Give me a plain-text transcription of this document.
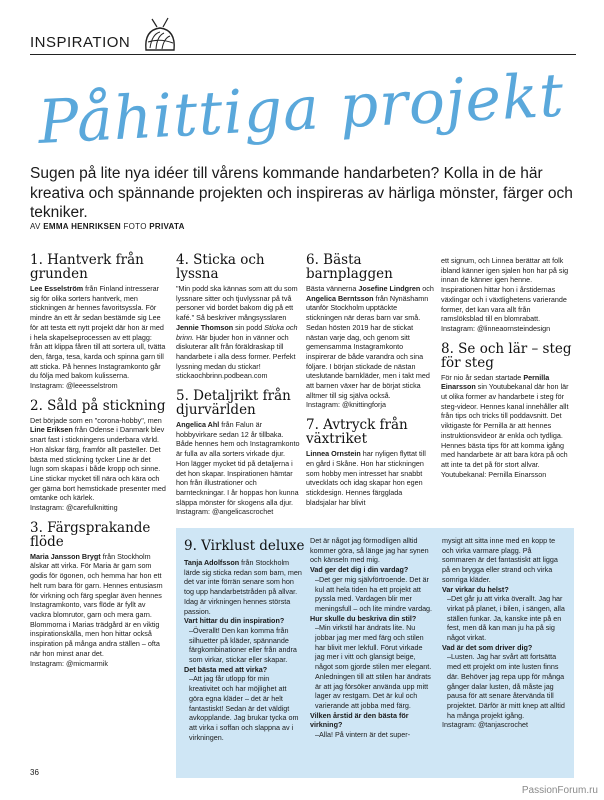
INSPIRATION
Påhittiga projekt
Sugen på lite nya idéer till vårens kommande handarbeten? Kolla in de här kreativa och spännande projekten och inspireras av härliga mönster, färger och tekniker.
AV EMMA HENRIKSEN FOTO PRIVATA
1. Hantverk från grunden

Lee Esselström från Finland intresserar sig för olika sorters hantverk, men stickningen är hennes favoritsyssla. För mindre än ett år sedan bestämde sig Lee för att testa ett nytt projekt där hon är med i hela skapelseprocessen av ett plagg: från att klippa fåren till att sortera ull, tvätta den, färga, tesa, karda och spinna garn till att sticka. På hennes Instagramkonto går du följa med bakom kulisserna.

Instagram: @leeesselstrom

2. Såld på stickning

Det började som en "corona-hobby", men Line Eriksen från Odense i Danmark blev snart fast i stickningens underbara värld. Hon älskar färg, framför allt pasteller. Det bästa med stickning tycker Line är det lugn som skapas i både kropp och sinne. Line stickar mycket till nära och kära och ger gärna bort hemstickade presenter med omtanke och kärlek.

Instagram: @carefulknitting

3. Färgsprakande flöde

Maria Jansson Brygt från Stockholm älskar att virka. För Maria är garn som godis för ögonen, och hemma har hon ett helt rum bara för garn. Hennes entusiasm för virkning och färg speglar även hennes Instagramkonto, vars flöde är fyllt av vackra blomrutor, garn och mera garn. Blommorna i Marias trädgård är en viktig inspirationskälla, men hon hittar också inspiration på många andra ställen – ofta när hon minst anar det.

Instagram: @micmarmik

4. Sticka och lyssna

"Min podd ska kännas som att du som lyssnare sitter och tjuvlyssnar på två personer vid bordet bakom dig på ett kafé." Så beskriver mångsysslaren Jennie Thomson sin podd Sticka och brinn. Här bjuder hon in vänner och diskuterar allt från föräldraskap till handarbete i alla dess former. Perfekt lyssning medan du stickar!

stickaochbrinn.podbean.com

5. Detaljrikt från djurvärlden

Angelica Ahl från Falun är hobbyvirkare sedan 12 år tillbaka. Både hennes hem och Instagramkonto är fulla av alla sorters virkade djur. Hon lägger mycket tid på detaljerna i det hon skapar. Inspirationen hämtar hon från illustrationer och barnteckningar. I år hoppas hon kunna släppa mönster för skogens alla djur.

Instagram: @angelicascrochet

6. Bästa barnplaggen

Bästa vännerna Josefine Lindgren och Angelica Berntsson från Nynäshamn utanför Stockholm upptäckte stickningen när deras barn var små. Sedan hösten 2019 har de stickat nästan varje dag, och genom sitt gemensamma Instagramkonto inspirerar de både varandra och sina följare. I början stickade de nästan uteslutande barnkläder, men i takt med att barnen växer har de börjat sticka alltmer till sig själva också.

Instagram: @knittingforja

7. Avtryck från växtriket

Linnea Ornstein har nyligen flyttat till en gård i Skåne. Hon har stickningen som hobby men intresset har snabbt utvecklats och idag skapar hon egen stickdesign. Hennes färgglada bladsjalar har blivit

ett signum, och Linnea berättar att folk ibland känner igen sjalen hon har på sig innan de känner igen henne. Inspirationen hittar hon i årstidernas växlingar och i växtlighetens varierande former, det kan vara allt från ramslöksblad till en blomrabatt.

Instagram: @linneaornsteindesign

8. Se och lär – steg för steg

För nio år sedan startade Pernilla Einarsson sin Youtubekanal där hon lär ut olika former av handarbete i steg för steg-videor. Hennes kanal innehåller allt från tips och tricks till poddavsnitt. Det viktigaste för Pernilla är att hennes instruktionsvideor är enkla och tydliga. Hennes bästa tips för att komma igång med handarbete är att bara köra på och att inte ta det på för stort allvar.

Youtubekanal: Pernilla Einarsson

9. Virklust deluxe

Tanja Adolfsson från Stockholm lärde sig sticka redan som barn, men det var inte förrän senare som hon tog upp handarbetstråden på allvar. Idag är virkningen hennes största passion.

Vart hittar du din inspiration?

–Överallt! Den kan komma från silhuetter på kläder, spännande färgkombinationer eller från andra som virkar, stickar eller skapar.

Det bästa med att virka?

–Att jag får utlopp för min kreativitet och har möjlighet att göra egna kläder – det är helt fantastiskt! Sedan är det väldigt avkopplande. Jag brukar tycka om att virka i soffan och slappna av i virkningen.

Det är något jag förmodligen alltid kommer göra, så länge jag har synen och känseln med mig.

Vad ger det dig i din vardag?

–Det ger mig självförtroende. Det är kul att hela tiden ha ett projekt att pyssla med. Vardagen blir mer meningsfull – och lite mindre vardag.

Hur skulle du beskriva din stil?

–Min virkstil har ändrats lite. Nu jobbar jag mer med färg och stilen har blivit mer lekfull. Förut virkade jag mer i vitt och glansigt beige, något som gjorde stilen mer elegant. Anledningen till att stilen har ändrats är att jag försöker använda upp mitt lager av restgarn. Det är kul och varierande att jobba med färg.

Vilken årstid är den bästa för virkning?

–Alla! På vintern är det super-

mysigt att sitta inne med en kopp te och virka varmare plagg. På sommaren är det fantastiskt att ligga på en brygga eller strand och virka somriga kläder.

Var virkar du helst?

–Det går ju att virka överallt. Jag har virkat på planet, i bilen, i sängen, alla ställen funkar. Ja, kanske inte på en fest, men då kan man ju ha på sig något virkat.

Vad är det som driver dig?

–Lusten. Jag har svårt att fortsätta med ett projekt om inte lusten finns där. Behöver jag repa upp för många gånger dalar lusten, då måste jag pausa för att senare återvända till projektet. Därför är mitt knep att alltid ha många projekt igång.

Instagram: @tanjascrochet

36
PassionForum.ru
